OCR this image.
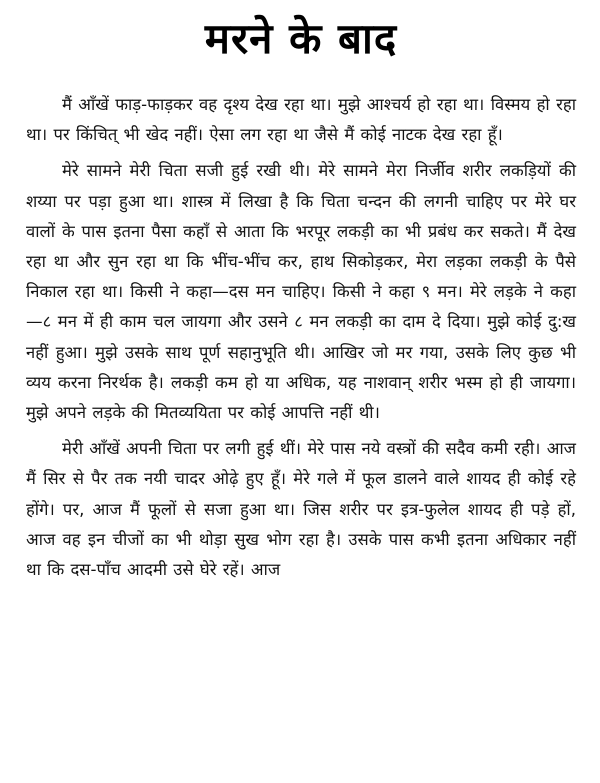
मरने के बाद

मैं आँखें फाड़-फाड़कर वह दृश्य देख रहा था। मुझे आश्चर्य हो रहा था। विस्मय हो रहा था। पर किंचित् भी खेद नहीं। ऐसा लग रहा था जैसे मैं कोई नाटक देख रहा हूँ।

मेरे सामने मेरी चिता सजी हुई रखी थी। मेरे सामने मेरा निर्जीव शरीर लकड़ियों की शय्या पर पड़ा हुआ था। शास्त्र में लिखा है कि चिता चन्दन की लगनी चाहिए पर मेरे घर वालों के पास इतना पैसा कहाँ से आता कि भरपूर लकड़ी का भी प्रबंध कर सकते। मैं देख रहा था और सुन रहा था कि भींच-भींच कर, हाथ सिकोड़कर, मेरा लड़का लकड़ी के पैसे निकाल रहा था। किसी ने कहा—दस मन चाहिए। किसी ने कहा ९ मन। मेरे लड़के ने कहा—८ मन में ही काम चल जायगा और उसने ८ मन लकड़ी का दाम दे दिया। मुझे कोई दु:ख नहीं हुआ। मुझे उसके साथ पूर्ण सहानुभूति थी। आखिर जो मर गया, उसके लिए कुछ भी व्यय करना निरर्थक है। लकड़ी कम हो या अधिक, यह नाशवान् शरीर भस्म हो ही जायगा। मुझे अपने लड़के की मितव्ययिता पर कोई आपत्ति नहीं थी।

मेरी आँखें अपनी चिता पर लगी हुई थीं। मेरे पास नये वस्त्रों की सदैव कमी रही। आज मैं सिर से पैर तक नयी चादर ओढ़े हुए हूँ। मेरे गले में फूल डालने वाले शायद ही कोई रहे होंगे। पर, आज मैं फूलों से सजा हुआ था। जिस शरीर पर इत्र-फुलेल शायद ही पड़े हों, आज वह इन चीजों का भी थोड़ा सुख भोग रहा है। उसके पास कभी इतना अधिकार नहीं था कि दस-पाँच आदमी उसे घेरे रहें। आज
